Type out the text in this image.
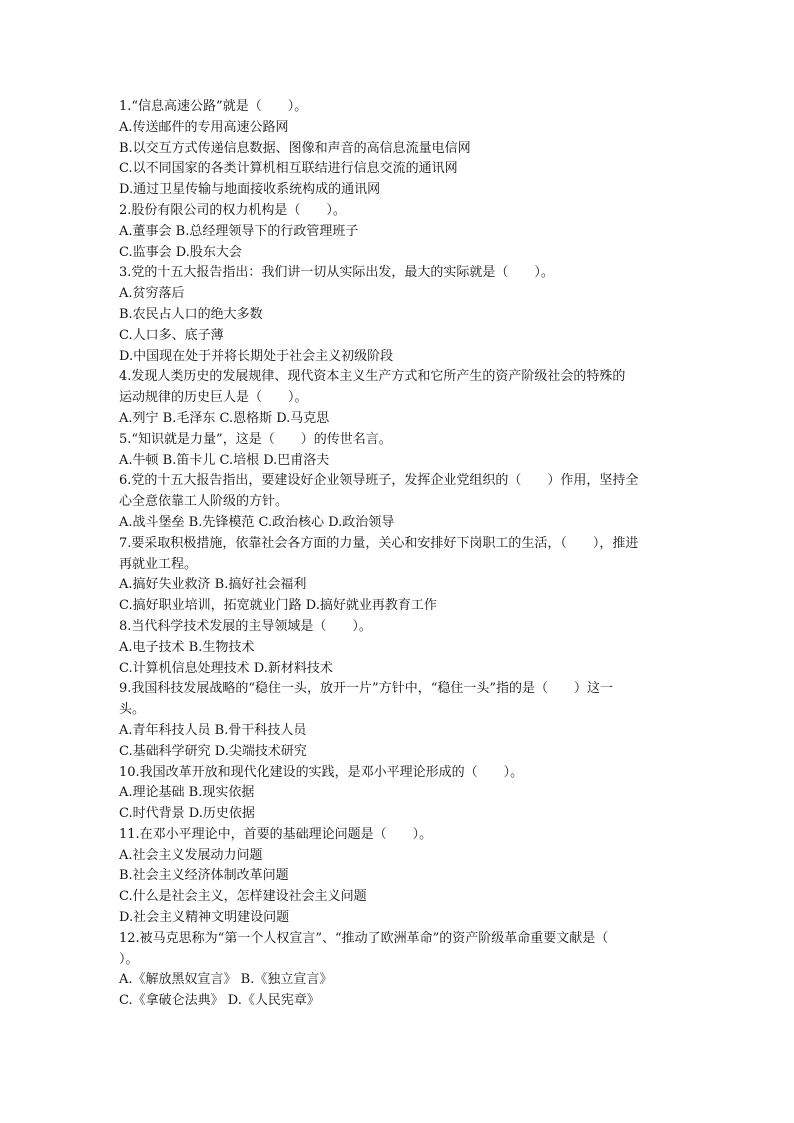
1.“信息高速公路”就是（　　）。
A.传送邮件的专用高速公路网
B.以交互方式传递信息数据、图像和声音的高信息流量电信网
C.以不同国家的各类计算机相互联结进行信息交流的通讯网
D.通过卫星传输与地面接收系统构成的通讯网
2.股份有限公司的权力机构是（　　）。
A.董事会 B.总经理领导下的行政管理班子
C.监事会 D.股东大会
3.党的十五大报告指出：我们讲一切从实际出发，最大的实际就是（　　）。
A.贫穷落后
B.农民占人口的绝大多数
C.人口多、底子薄
D.中国现在处于并将长期处于社会主义初级阶段
4.发现人类历史的发展规律、现代资本主义生产方式和它所产生的资产阶级社会的特殊的
运动规律的历史巨人是（　　）。
A.列宁 B.毛泽东 C.恩格斯 D.马克思
5.“知识就是力量”，这是（　　）的传世名言。
A.牛顿 B.笛卡儿 C.培根 D.巴甫洛夫
6.党的十五大报告指出，要建设好企业领导班子，发挥企业党组织的（　　）作用，坚持全
心全意依靠工人阶级的方针。
A.战斗堡垒 B.先锋模范 C.政治核心 D.政治领导
7.要采取积极措施，依靠社会各方面的力量，关心和安排好下岗职工的生活，（　　），推进
再就业工程。
A.搞好失业救济 B.搞好社会福利
C.搞好职业培训，拓宽就业门路 D.搞好就业再教育工作
8.当代科学技术发展的主导领域是（　　）。
A.电子技术 B.生物技术
C.计算机信息处理技术 D.新材料技术
9.我国科技发展战略的“稳住一头，放开一片”方针中，“稳住一头”指的是（　　）这一
头。
A.青年科技人员 B.骨干科技人员
C.基础科学研究 D.尖端技术研究
10.我国改革开放和现代化建设的实践，是邓小平理论形成的（　　）。
A.理论基础 B.现实依据
C.时代背景 D.历史依据
11.在邓小平理论中，首要的基础理论问题是（　　）。
A.社会主义发展动力问题
B.社会主义经济体制改革问题
C.什么是社会主义，怎样建设社会主义问题
D.社会主义精神文明建设问题
12.被马克思称为“第一个人权宣言”、“推动了欧洲革命”的资产阶级革命重要文献是（
）。
A.《解放黑奴宣言》 B.《独立宣言》
C.《拿破仑法典》 D.《人民宪章》
